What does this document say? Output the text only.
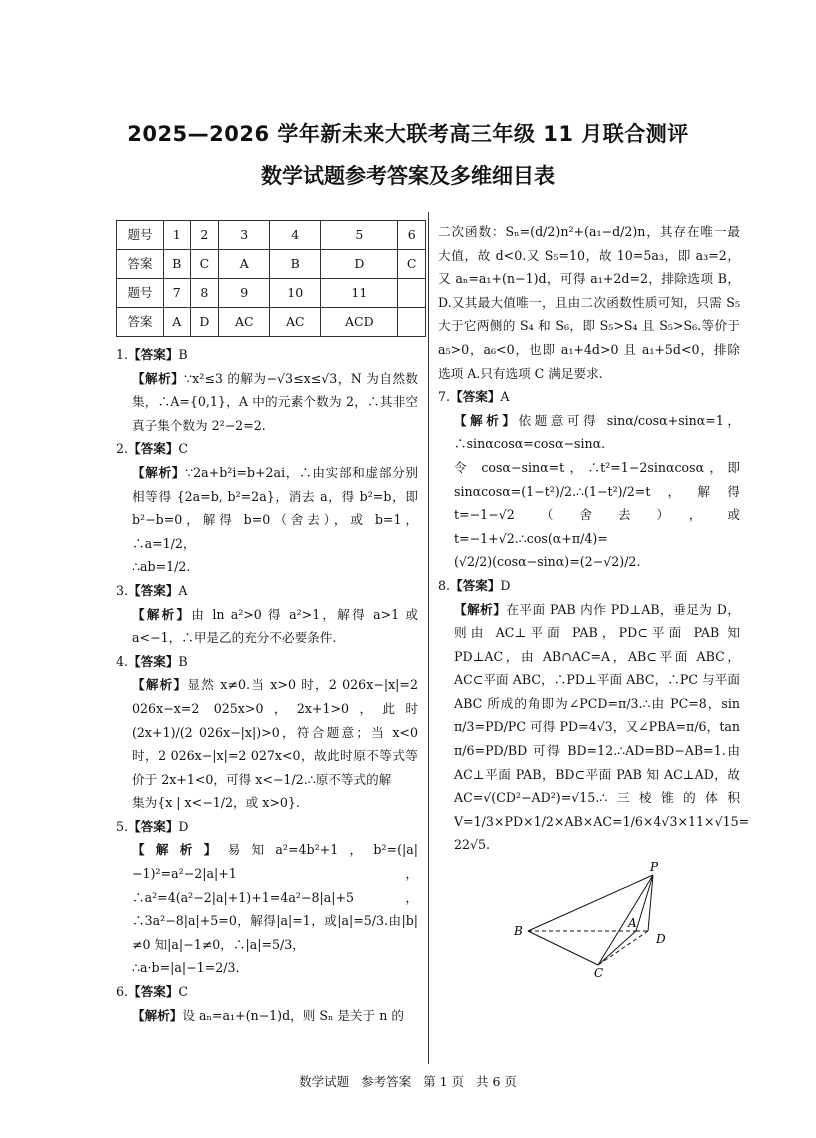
2025—2026 学年新未来大联考高三年级 11 月联合测评
数学试题参考答案及多维细目表
题号	1	2	3	4	5	6
答案	B	C	A	B	D	C
题号	7	8	9	10	11	
答案	A	D	AC	AC	ACD	

1.【答案】B

【解析】∵x²≤3 的解为−√3≤x≤√3，N 为自然数集，∴A={0,1}，A 中的元素个数为 2，∴其非空真子集个数为 2²−2=2.

2.【答案】C

【解析】∵2a+b²i=b+2ai，∴由实部和虚部分别相等得 {2a=b, b²=2a}，消去 a，得 b²=b，即 b²−b=0，解得 b=0（舍去），或 b=1，∴a=1/2，

∴ab=1/2.

3.【答案】A

【解析】由 ln a²>0 得 a²>1，解得 a>1 或 a<−1，∴甲是乙的充分不必要条件.

4.【答案】B

【解析】显然 x≠0.当 x>0 时，2 026x−|x|=2 026x−x=2 025x>0，2x+1>0，此时 (2x+1)/(2 026x−|x|)>0，符合题意；当 x<0 时，2 026x−|x|=2 027x<0，故此时原不等式等价于 2x+1<0，可得 x<−1/2.∴原不等式的解

集为{x | x<−1/2，或 x>0}.

5.【答案】D

【解析】易知a²=4b²+1，b²=(|a|−1)²=a²−2|a|+1，∴a²=4(a²−2|a|+1)+1=4a²−8|a|+5，∴3a²−8|a|+5=0，解得|a|=1，或|a|=5/3.由|b|≠0 知|a|−1≠0，∴|a|=5/3，

∴a·b=|a|−1=2/3.

6.【答案】C

【解析】设 aₙ=a₁+(n−1)d，则 Sₙ 是关于 n 的

二次函数：Sₙ=(d/2)n²+(a₁−d/2)n，其存在唯一最大值，故 d<0.又 S₅=10，故 10=5a₃，即 a₃=2，又 aₙ=a₁+(n−1)d，可得 a₁+2d=2，排除选项 B，D.又其最大值唯一，且由二次函数性质可知，只需 S₅ 大于它两侧的 S₄ 和 S₆，即 S₅>S₄ 且 S₅>S₆.等价于 a₅>0，a₆<0，也即 a₁+4d>0 且 a₁+5d<0，排除选项 A.只有选项 C 满足要求.

7.【答案】A

【解析】依题意可得 sinα/cosα+sinα=1，∴sinαcosα=cosα−sinα.

令 cosα−sinα=t，∴t²=1−2sinαcosα，即 sinαcosα=(1−t²)/2.∴(1−t²)/2=t，解得 t=−1−√2（舍去），或 t=−1+√2.∴cos(α+π/4)=

(√2/2)(cosα−sinα)=(2−√2)/2.

8.【答案】D

【解析】在平面 PAB 内作 PD⊥AB，垂足为 D，则由 AC⊥平面 PAB，PD⊂平面 PAB 知 PD⊥AC，由 AB∩AC=A，AB⊂平面 ABC，AC⊂平面 ABC，∴PD⊥平面 ABC，∴PC 与平面 ABC 所成的角即为∠PCD=π/3.∴由 PC=8，sin π/3=PD/PC 可得 PD=4√3，又∠PBA=π/6，tan π/6=PD/BD 可得 BD=12.∴AD=BD−AB=1.由 AC⊥平面 PAB，BD⊂平面 PAB 知 AC⊥AD，故 AC=√(CD²−AD²)=√15.∴三棱锥的体积 V=1/3×PD×1/2×AB×AC=1/6×4√3×11×√15=

22√5.

P
B
A
D
C
数学试题 参考答案 第 1 页 共 6 页
